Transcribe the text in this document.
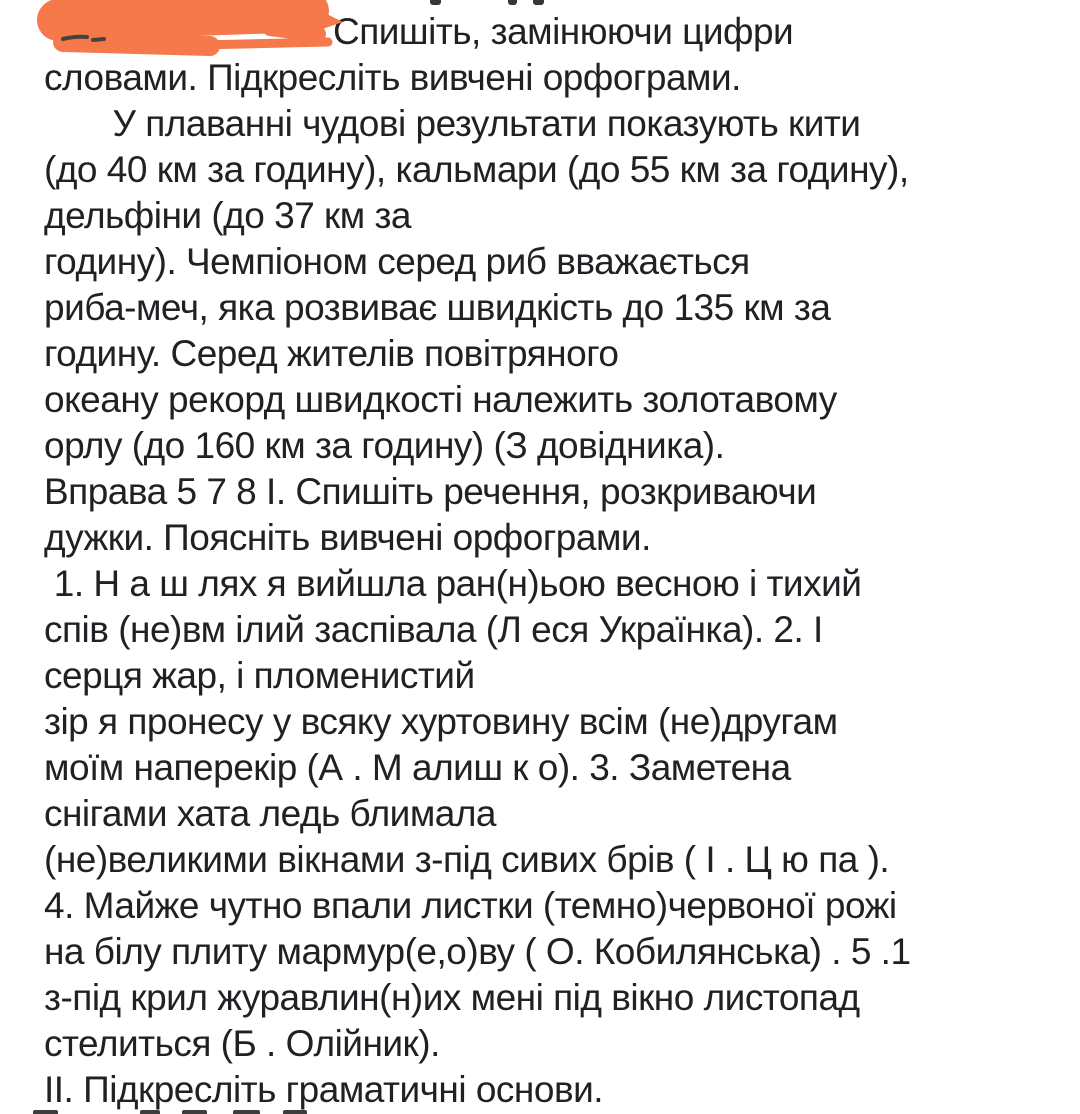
Спишіть, замінюючи цифри
словами. Підкресліть вивчені орфограми.
У плаванні чудові результати показують кити
(до 40 км за годину), кальмари (до 55 км за годину),
дельфіни (до 37 км за
годину). Чемпіоном серед риб вважається
риба-меч, яка розвиває швидкість до 135 км за
годину. Серед жителів повітряного
океану рекорд швидкості належить золотавому
орлу (до 160 км за годину) (З довідника).
Вправа 5 7 8 І. Спишіть речення, розкриваючи
дужки. Поясніть вивчені орфограми.
1. Н а ш лях я вийшла ран(н)ьою весною і тихий
спів (не)вм ілий заспівала (Л еся Українка). 2. І
серця жар, і пломенистий
зір я пронесу у всяку хуртовину всім (не)другам
моїм наперекір (А . М алиш к о). 3. Заметена
снігами хата ледь блимала
(не)великими вікнами з-під сивих брів ( І . Ц ю па ).
4. Майже чутно впали листки (темно)червоної рожі
на білу плиту мармур(е,о)ву ( О. Кобилянська) . 5 .1
з-під крил журавлин(н)их мені під вікно листопад
стелиться (Б . Олійник).
ІІ. Підкресліть граматичні основи.
